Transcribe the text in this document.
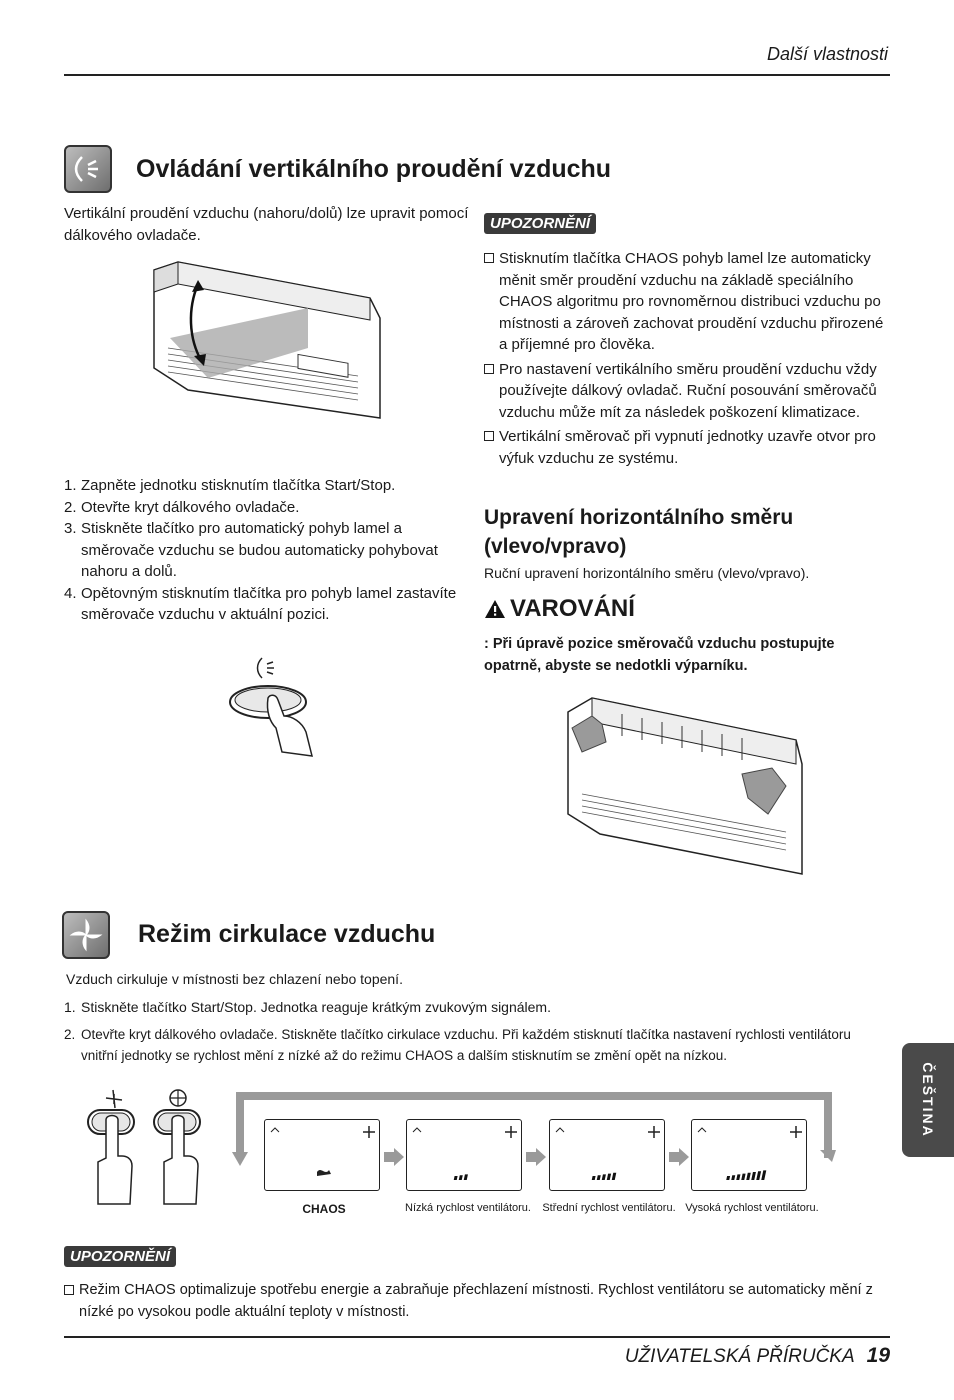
Další vlastnosti
Ovládání vertikálního proudění vzduchu
Vertikální proudění vzduchu (nahoru/dolů) lze upravit pomocí dálkového ovladače.
1. Zapněte jednotku stisknutím tlačítka Start/Stop.
2. Otevřte kryt dálkového ovladače.
3. Stiskněte tlačítko pro automatický pohyb lamel a směrovače vzduchu se budou automaticky pohybovat nahoru a dolů.
4. Opětovným stisknutím tlačítka pro pohyb lamel zastavíte směrovače vzduchu v aktuální pozici.
UPOZORNĚNÍ
Stisknutím tlačítka CHAOS pohyb lamel lze automaticky měnit směr proudění vzduchu na základě speciálního CHAOS algoritmu pro rovnoměrnou distribuci vzduchu po místnosti a zároveň zachovat proudění vzduchu přirozené a příjemné pro člověka.
Pro nastavení vertikálního směru proudění vzduchu vždy používejte dálkový ovladač. Ruční posouvání směrovačů vzduchu může mít za následek poškození klimatizace.
Vertikální směrovač při vypnutí jednotky uzavře otvor pro výfuk vzduchu ze systému.
Upravení horizontálního směru (vlevo/vpravo)
Ruční upravení horizontálního směru (vlevo/vpravo).
VAROVÁNÍ
: Při úpravě pozice směrovačů vzduchu postupujte opatrně, abyste se nedotkli výparníku.
Režim cirkulace vzduchu
Vzduch cirkuluje v místnosti bez chlazení nebo topení.
1. Stiskněte tlačítko Start/Stop. Jednotka reaguje krátkým zvukovým signálem.
2. Otevřte kryt dálkového ovladače. Stiskněte tlačítko cirkulace vzduchu. Při každém stisknutí tlačítka nastavení rychlosti ventilátoru vnitřní jednotky se rychlost mění z nízké až do režimu CHAOS a dalším stisknutím se změní opět na nízkou.
CHAOS	Nízká rychlost ventilátoru.	Střední rychlost ventilátoru. Vysoká rychlost ventilátoru.
UPOZORNĚNÍ
Režim CHAOS optimalizuje spotřebu energie a zabraňuje přechlazení místnosti. Rychlost ventilátoru se automaticky mění z nízké po vysokou podle aktuální teploty v místnosti.
ČEŠTINA
UŽIVATELSKÁ PŘÍRUČKA 19
